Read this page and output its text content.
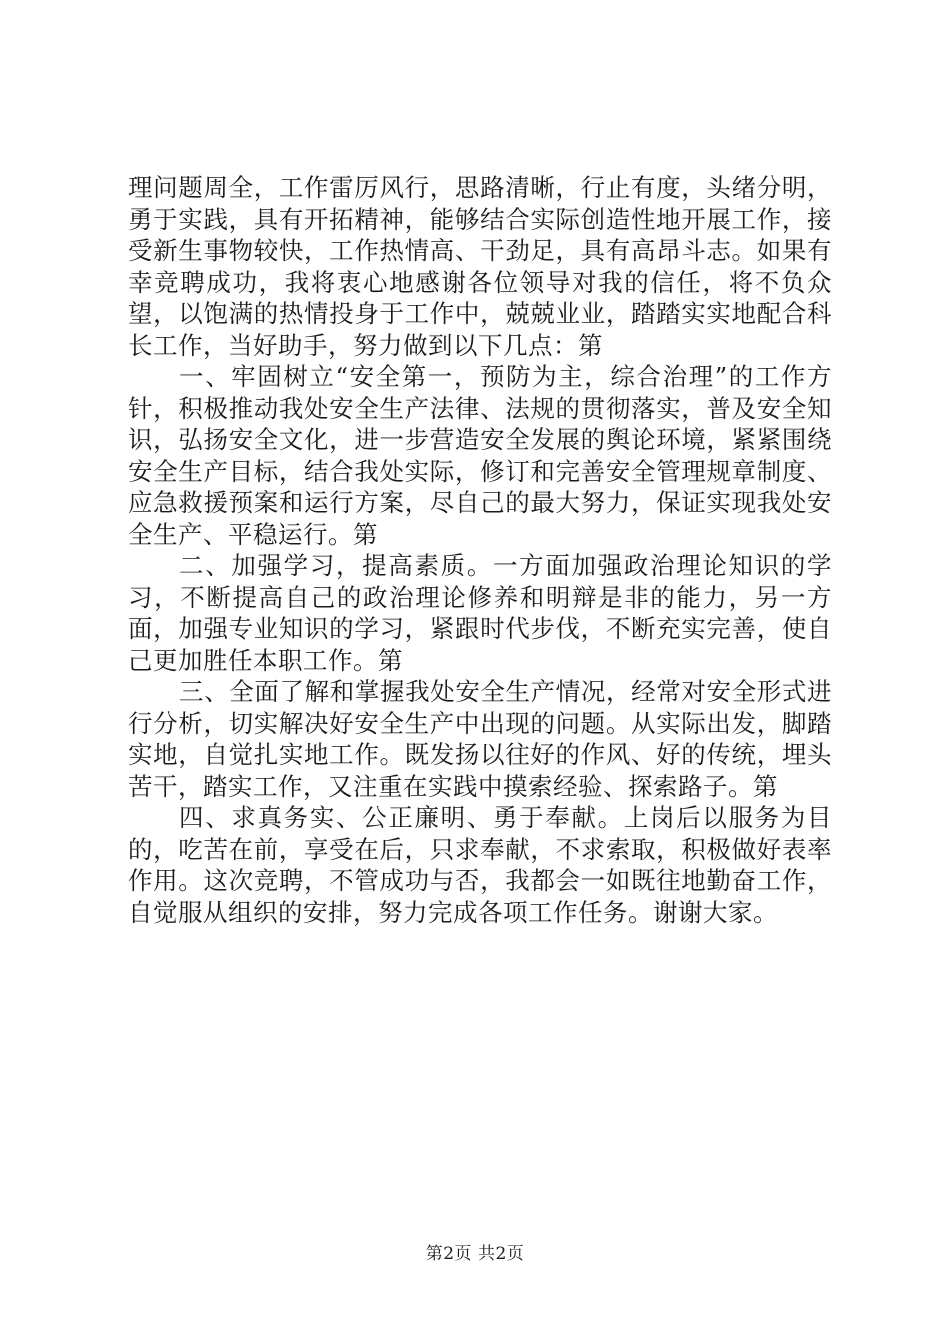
理问题周全，工作雷厉风行，思路清晰，行止有度，头绪分明，勇于实践，具有开拓精神，能够结合实际创造性地开展工作，接受新生事物较快，工作热情高、干劲足，具有高昂斗志。如果有幸竞聘成功，我将衷心地感谢各位领导对我的信任，将不负众望，以饱满的热情投身于工作中，兢兢业业，踏踏实实地配合科长工作，当好助手，努力做到以下几点：第

一、牢固树立“安全第一，预防为主，综合治理”的工作方针，积极推动我处安全生产法律、法规的贯彻落实，普及安全知识，弘扬安全文化，进一步营造安全发展的舆论环境，紧紧围绕安全生产目标，结合我处实际，修订和完善安全管理规章制度、应急救援预案和运行方案，尽自己的最大努力，保证实现我处安全生产、平稳运行。第

二、加强学习，提高素质。一方面加强政治理论知识的学习，不断提高自己的政治理论修养和明辩是非的能力，另一方面，加强专业知识的学习，紧跟时代步伐，不断充实完善，使自己更加胜任本职工作。第

三、全面了解和掌握我处安全生产情况，经常对安全形式进行分析，切实解决好安全生产中出现的问题。从实际出发，脚踏实地，自觉扎实地工作。既发扬以往好的作风、好的传统，埋头苦干，踏实工作，又注重在实践中摸索经验、探索路子。第

四、求真务实、公正廉明、勇于奉献。上岗后以服务为目的，吃苦在前，享受在后，只求奉献，不求索取，积极做好表率作用。这次竞聘，不管成功与否，我都会一如既往地勤奋工作，自觉服从组织的安排，努力完成各项工作任务。谢谢大家。

第2页 共2页
